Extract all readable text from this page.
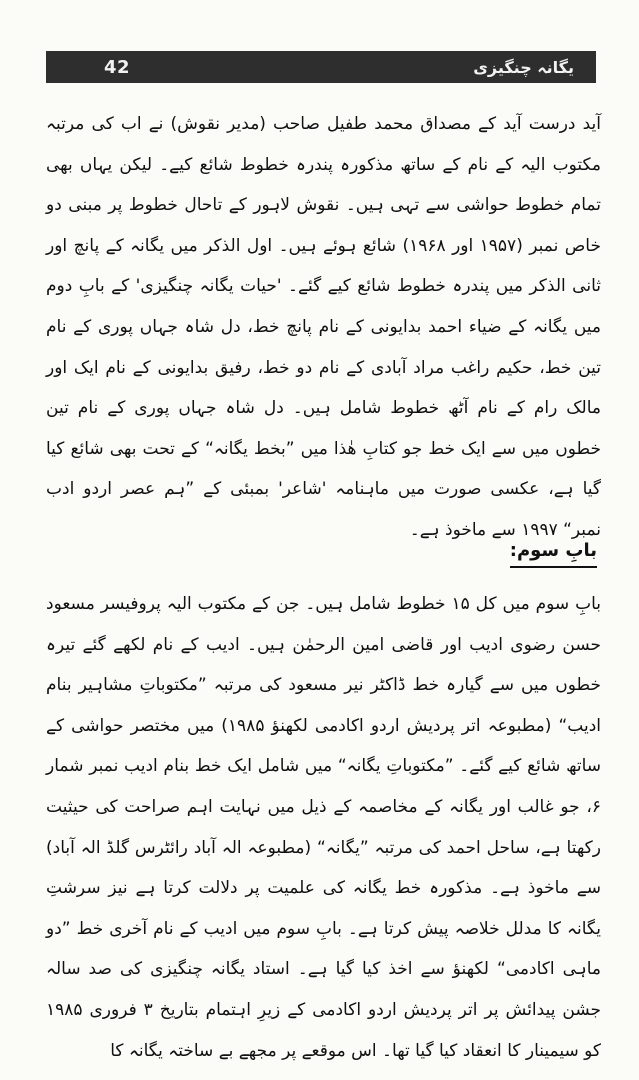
42	یگانہ چنگیزی

آید درست آید کے مصداق محمد طفیل صاحب (مدیر نقوش) نے اب کی مرتبہ مکتوب الیہ کے نام کے ساتھ مذکورہ پندرہ خطوط شائع کیے۔ لیکن یہاں بھی تمام خطوط حواشی سے تہی ہیں۔ نقوش لاہور کے تاحال خطوط پر مبنی دو خاص نمبر (۱۹۵۷ اور ۱۹۶۸) شائع ہوئے ہیں۔ اول الذکر میں یگانہ کے پانچ اور ثانی الذکر میں پندرہ خطوط شائع کیے گئے۔ 'حیات یگانہ چنگیزی' کے بابِ دوم میں یگانہ کے ضیاء احمد بدایونی کے نام پانچ خط، دل شاہ جہاں پوری کے نام تین خط، حکیم راغب مراد آبادی کے نام دو خط، رفیق بدایونی کے نام ایک اور مالک رام کے نام آٹھ خطوط شامل ہیں۔ دل شاہ جہاں پوری کے نام تین خطوں میں سے ایک خط جو کتابِ ھٰذا میں ”بخط یگانہ“ کے تحت بھی شائع کیا گیا ہے، عکسی صورت میں ماہنامہ 'شاعر' بمبئی کے ”ہم عصر اردو ادب نمبر“ ۱۹۹۷ سے ماخوذ ہے۔

بابِ سوم:

بابِ سوم میں کل ۱۵ خطوط شامل ہیں۔ جن کے مکتوب الیہ پروفیسر مسعود حسن رضوی ادیب اور قاضی امین الرحمٰن ہیں۔ ادیب کے نام لکھے گئے تیرہ خطوں میں سے گیارہ خط ڈاکٹر نیر مسعود کی مرتبہ ”مکتوباتِ مشاہیر بنام ادیب“ (مطبوعہ اتر پردیش اردو اکادمی لکھنؤ ۱۹۸۵) میں مختصر حواشی کے ساتھ شائع کیے گئے۔ ”مکتوباتِ یگانہ“ میں شامل ایک خط بنام ادیب نمبر شمار ۶، جو غالب اور یگانہ کے مخاصمہ کے ذیل میں نہایت اہم صراحت کی حیثیت رکھتا ہے، ساحل احمد کی مرتبہ ”یگانہ“ (مطبوعہ الہ آباد رائٹرس گلڈ الہ آباد) سے ماخوذ ہے۔ مذکورہ خط یگانہ کی علمیت پر دلالت کرتا ہے نیز سرشتِ یگانہ کا مدلل خلاصہ پیش کرتا ہے۔ بابِ سوم میں ادیب کے نام آخری خط ”دو ماہی اکادمی“ لکھنؤ سے اخذ کیا گیا ہے۔ استاد یگانہ چنگیزی کی صد سالہ جشن پیدائش پر اتر پردیش اردو اکادمی کے زیرِ اہتمام بتاریخ ۳ فروری ۱۹۸۵ کو سیمینار کا انعقاد کیا گیا تھا۔ اس موقعے پر مجھے بے ساختہ یگانہ کا
